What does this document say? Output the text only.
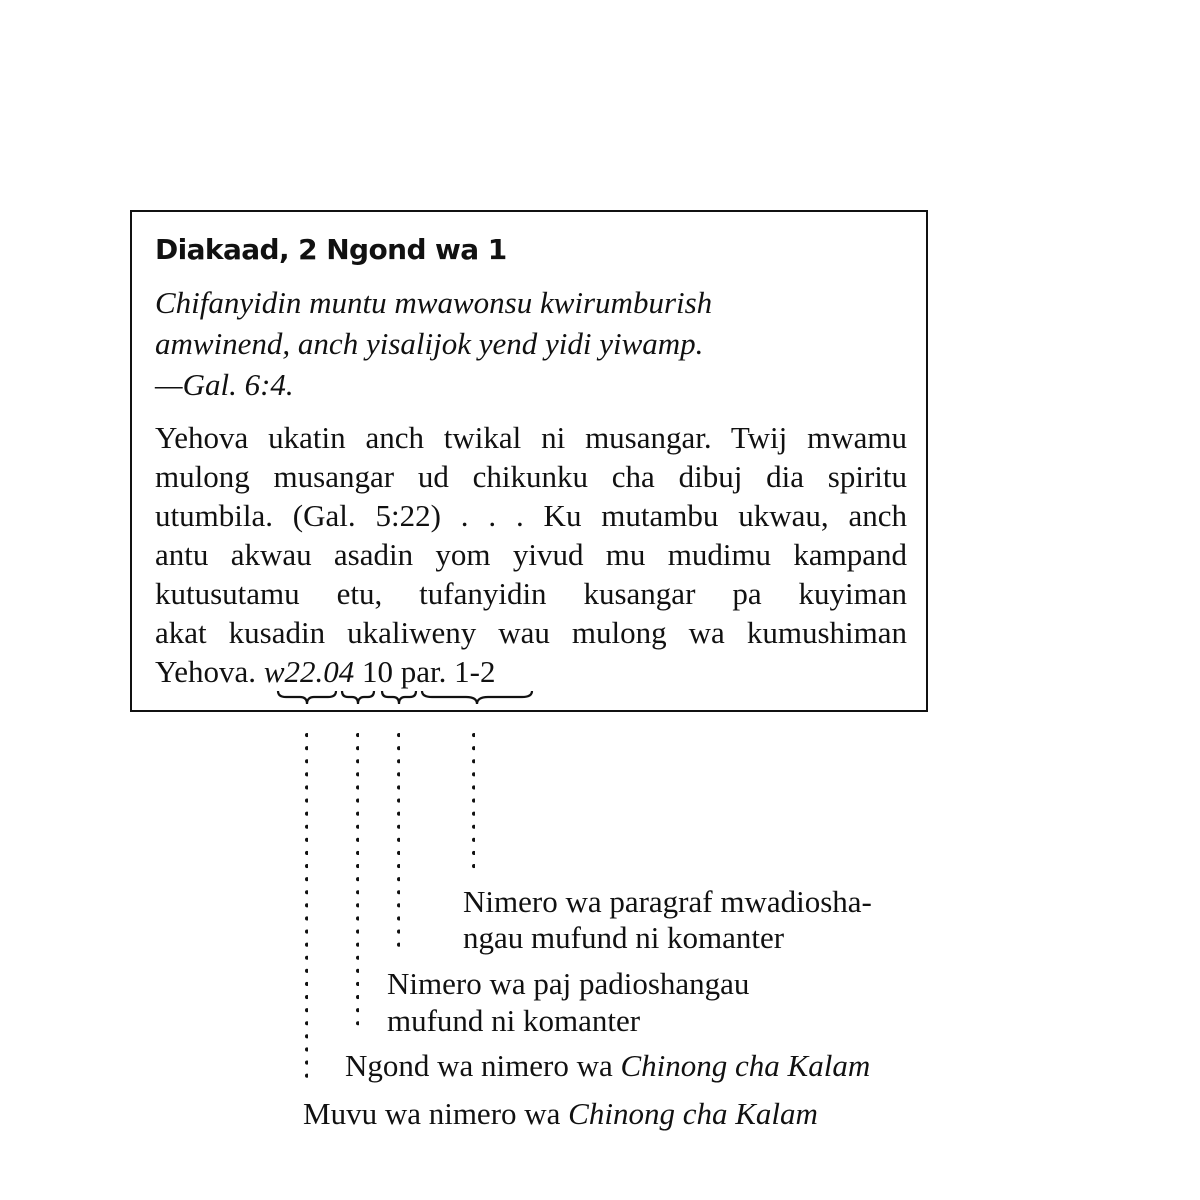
Diakaad, 2 Ngond wa 1
Chifanyidin muntu mwawonsu kwirumburish
amwinend, anch yisalijok yend yidi yiwamp.
—Gal. 6:4.
Yehova ukatin anch twikal ni musangar. Twij mwamu
mulong musangar ud chikunku cha dibuj dia spiritu
utumbila. (Gal. 5:22) . . . Ku mutambu ukwau, anch
antu akwau asadin yom yivud mu mudimu kampand
kutusutamu etu, tufanyidin kusangar pa kuyiman
akat kusadin ukaliweny wau mulong wa kumushiman
Yehova. w22.04 10 par. 1-2
Nimero wa paragraf mwadiosha-
ngau mufund ni komanter
Nimero wa paj padioshangau
mufund ni komanter
Ngond wa nimero wa Chinong cha Kalam
Muvu wa nimero wa Chinong cha Kalam
